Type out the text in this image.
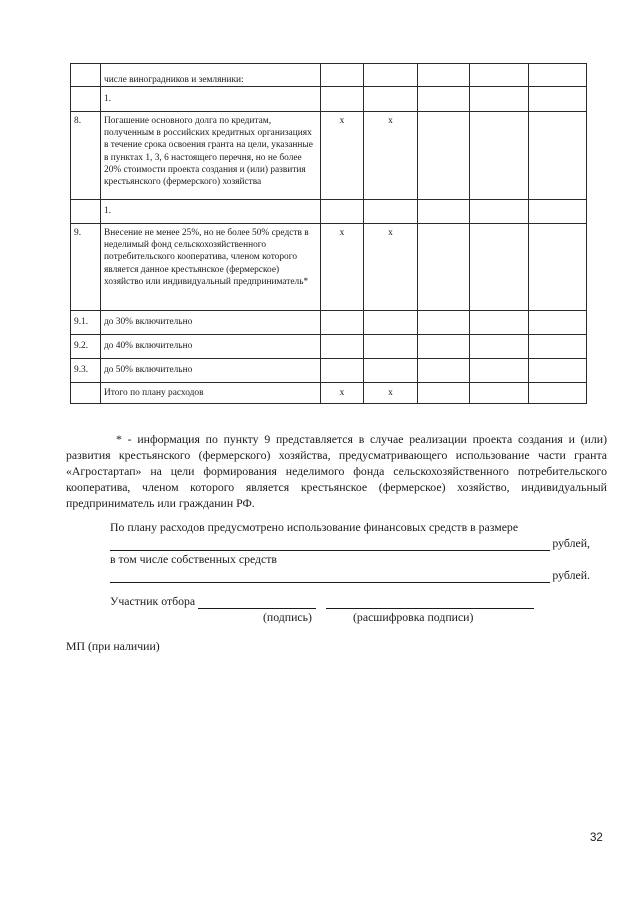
	числе виноградников и земляники:					
	1.					
8.	Погашение основного долга по кредитам, полученным в российских кредитных организациях в течение срока освоения гранта на цели, указанные в пунктах 1, 3, 6 настоящего перечня, но не более 20% стоимости проекта создания и (или) развития крестьянского (фермерского) хозяйства	x	x			
	1.					
9.	Внесение не менее 25%, но не более 50% средств в неделимый фонд сельскохозяйственного потребительского кооператива, членом которого является данное крестьянское (фермерское) хозяйство или индивидуальный предприниматель*	x	x			
9.1.	до 30% включительно					
9.2.	до 40% включительно					
9.3.	до 50% включительно					
	Итого по плану расходов	x	x			

* - информация по пункту 9 представляется в случае реализации проекта создания и (или) развития крестьянского (фермерского) хозяйства, предусматривающего использование части гранта «Агростартап» на цели формирования неделимого фонда сельскохозяйственного потребительского кооператива, членом которого является крестьянское (фермерское) хозяйство, индивидуальный предприниматель или гражданин РФ.

По плану расходов предусмотрено использование финансовых средств в размере
рублей,
в том числе собственных средств
рублей.
Участник отбора
(подпись)	(расшифровка подписи)
МП (при наличии)
32
